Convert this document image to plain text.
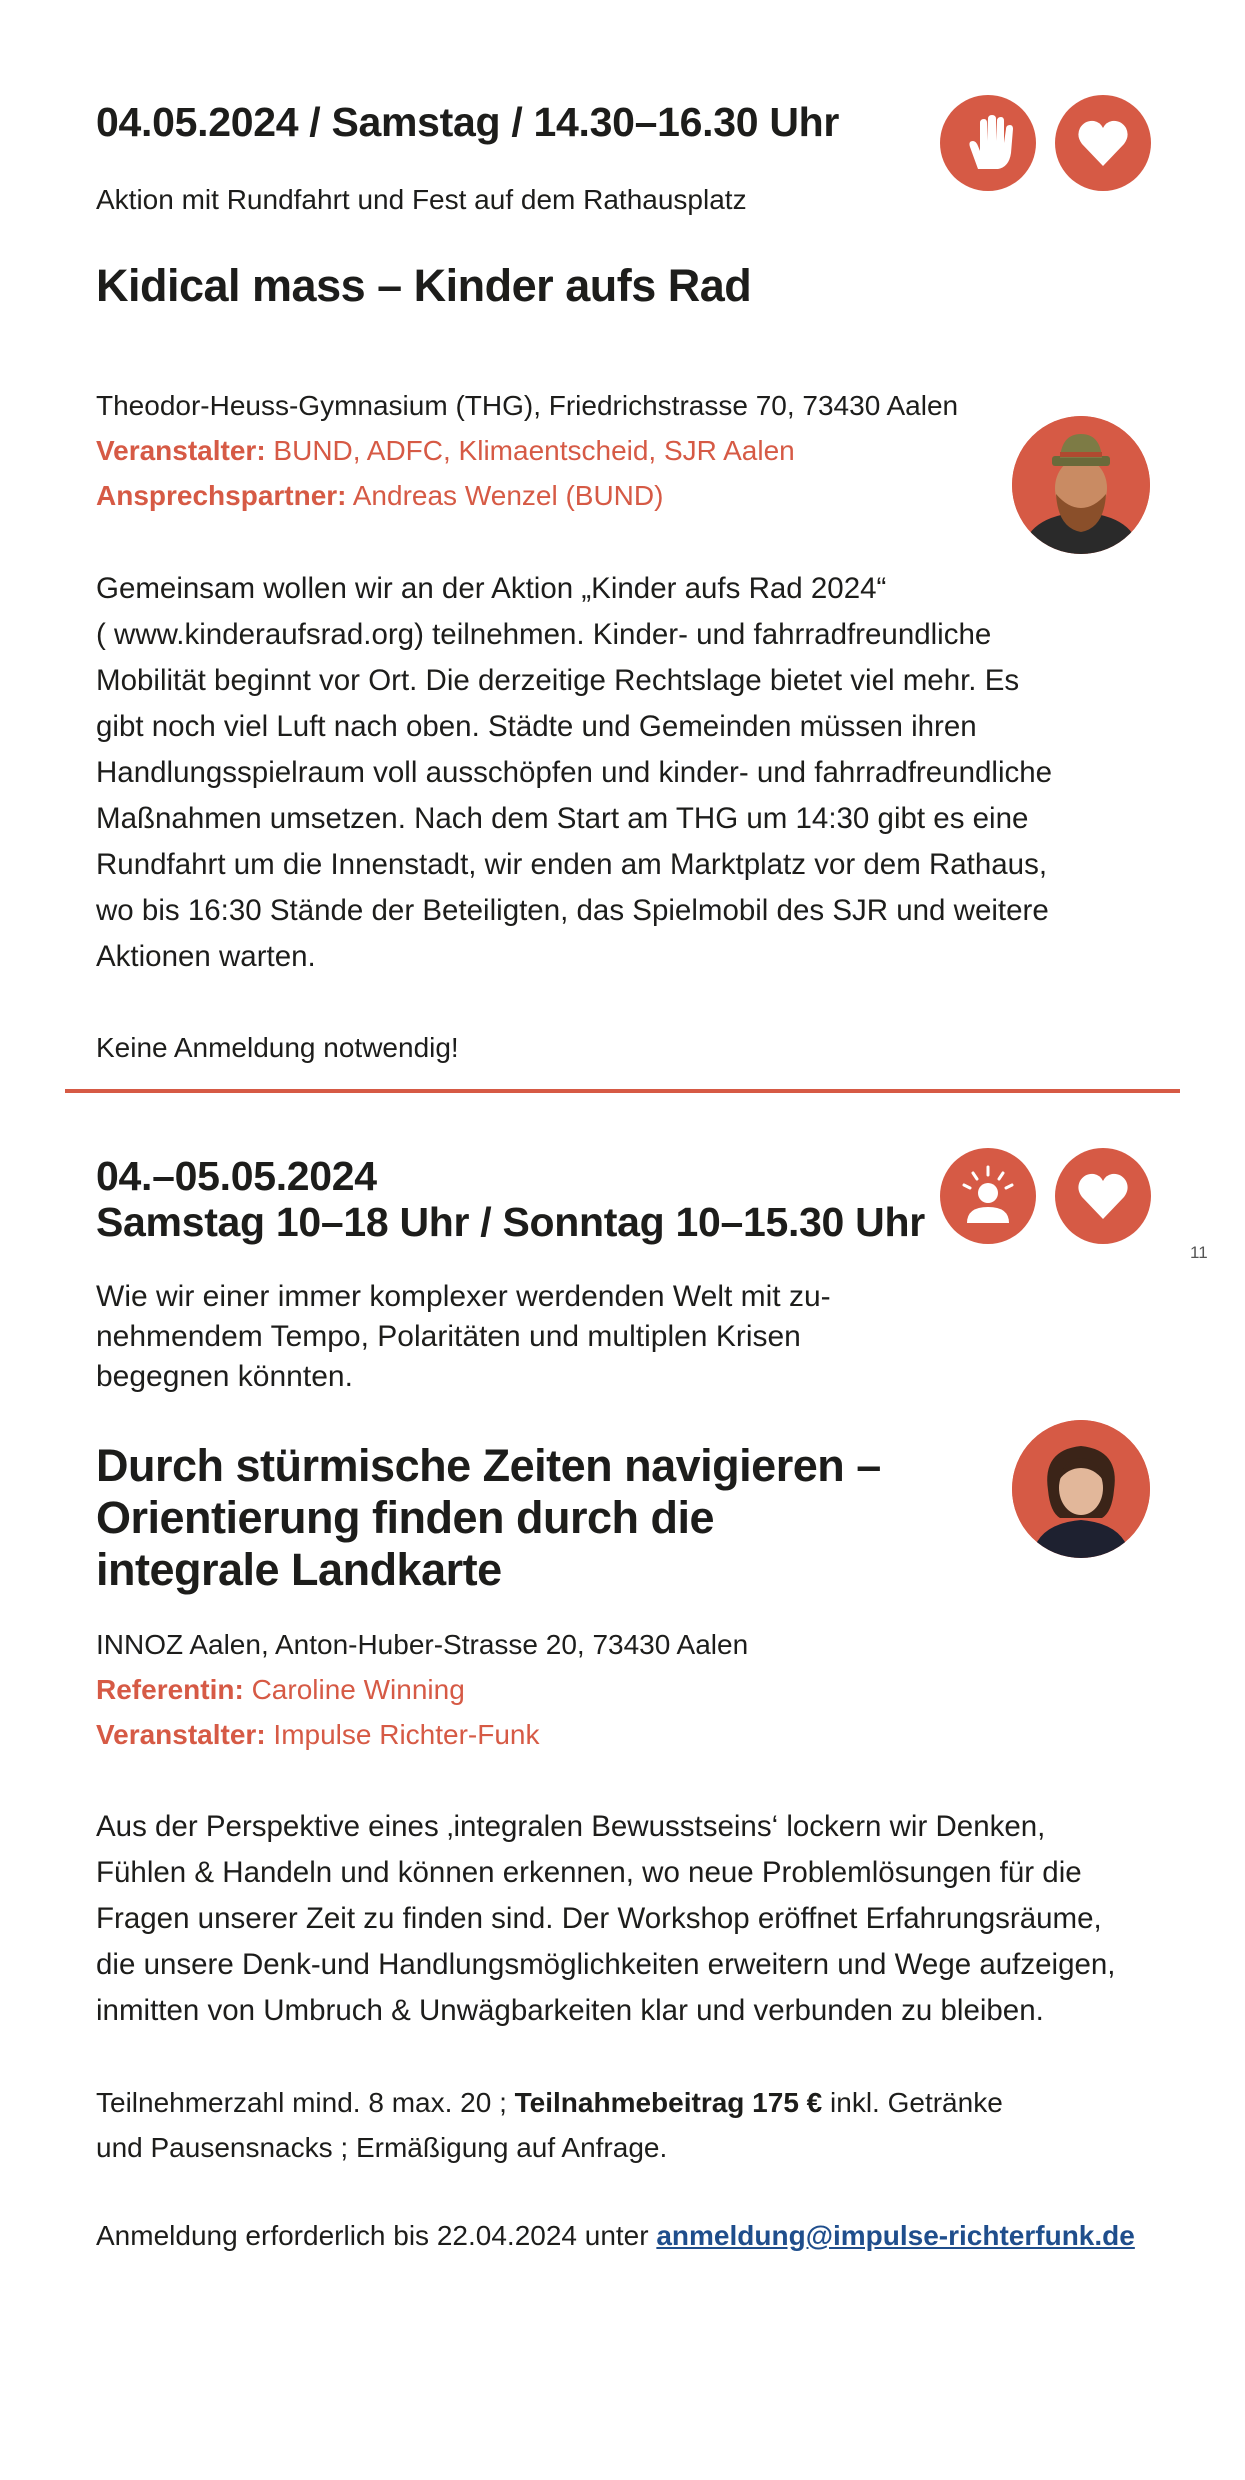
04.05.2024 / Samstag / 14.30–16.30 Uhr

Aktion mit Rundfahrt und Fest auf dem Rathausplatz

Kidical mass – Kinder aufs Rad

Theodor-Heuss-Gymnasium (THG), Friedrichstrasse 70, 73430 Aalen

Veranstalter: BUND, ADFC, Klimaentscheid, SJR Aalen

Ansprechspartner: Andreas Wenzel (BUND)

Gemeinsam wollen wir an der Aktion „Kinder aufs Rad 2024“

( www.kinderaufsrad.org) teilnehmen. Kinder- und fahrradfreundliche

Mobilität beginnt vor Ort. Die derzeitige Rechtslage bietet viel mehr. Es

gibt noch viel Luft nach oben. Städte und Gemeinden müssen ihren

Handlungsspielraum voll ausschöpfen und kinder- und fahrradfreundliche

Maßnahmen umsetzen. Nach dem Start am THG um 14:30 gibt es eine

Rundfahrt um die Innenstadt, wir enden am Marktplatz vor dem Rathaus,

wo bis 16:30 Stände der Beteiligten, das Spielmobil des SJR und weitere

Aktionen warten.

Keine Anmeldung notwendig!

04.–05.05.2024
Samstag 10–18 Uhr / Sonntag 10–15.30 Uhr

11

Wie wir einer immer komplexer werdenden Welt mit zu-

nehmendem Tempo, Polaritäten und multiplen Krisen

begegnen könnten.

Durch stürmische Zeiten navigieren –
Orientierung finden durch die
integrale Landkarte

INNOZ Aalen, Anton-Huber-Strasse 20, 73430 Aalen

Referentin: Caroline Winning

Veranstalter: Impulse Richter-Funk

Aus der Perspektive eines ‚integralen Bewusstseins‘ lockern wir Denken,

Fühlen & Handeln und können erkennen, wo neue Problemlösungen für die

Fragen unserer Zeit zu finden sind. Der Workshop eröffnet Erfahrungsräume,

die unsere Denk-und Handlungsmöglichkeiten erweitern und Wege aufzeigen,

inmitten von Umbruch & Unwägbarkeiten klar und verbunden zu bleiben.

Teilnehmerzahl mind. 8 max. 20 ; Teilnahmebeitrag 175 € inkl. Getränke

und Pausensnacks ; Ermäßigung auf Anfrage.

Anmeldung erforderlich bis 22.04.2024 unter anmeldung@impulse-richterfunk.de
